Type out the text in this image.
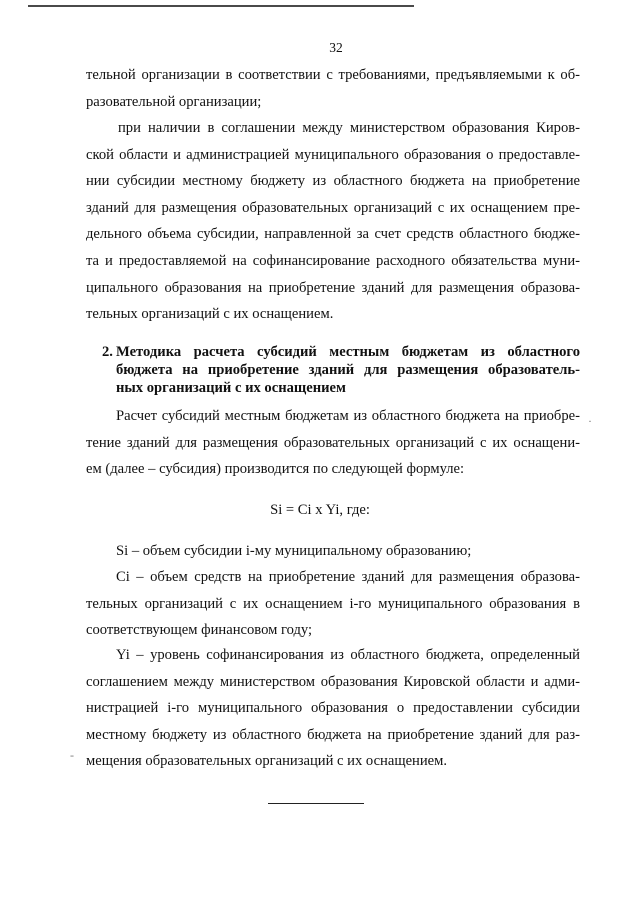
32
тельной организации в соответствии с требованиями, предъявляемыми к об-
разовательной организации;
при наличии в соглашении между министерством образования Киров-
ской области и администрацией муниципального образования о предоставле-
нии субсидии местному бюджету из областного бюджета на приобретение
зданий для размещения образовательных организаций с их оснащением пре-
дельного объема субсидии, направленной за счет средств областного бюдже-
та и предоставляемой на софинансирование расходного обязательства муни-
ципального образования на приобретение зданий для размещения образова-
тельных организаций с их оснащением.
2. Методика расчета субсидий местным бюджетам из областного
бюджета на приобретение зданий для размещения образователь-
ных организаций с их оснащением
Расчет субсидий местным бюджетам из областного бюджета на приобре-
тение зданий для размещения образовательных организаций с их оснащени-
ем (далее – субсидия) производится по следующей формуле:
Si = Ci x Yi, где:
Si – объем субсидии i-му муниципальному образованию;
Ci – объем средств на приобретение зданий для размещения образова-
тельных организаций с их оснащением i-го муниципального образования в
соответствующем финансовом году;
Yi – уровень софинансирования из областного бюджета, определенный
соглашением между министерством образования Кировской области и адми-
нистрацией i-го муниципального образования о предоставлении субсидии
местному бюджету из областного бюджета на приобретение зданий для раз-
мещения образовательных организаций с их оснащением.
-
·
